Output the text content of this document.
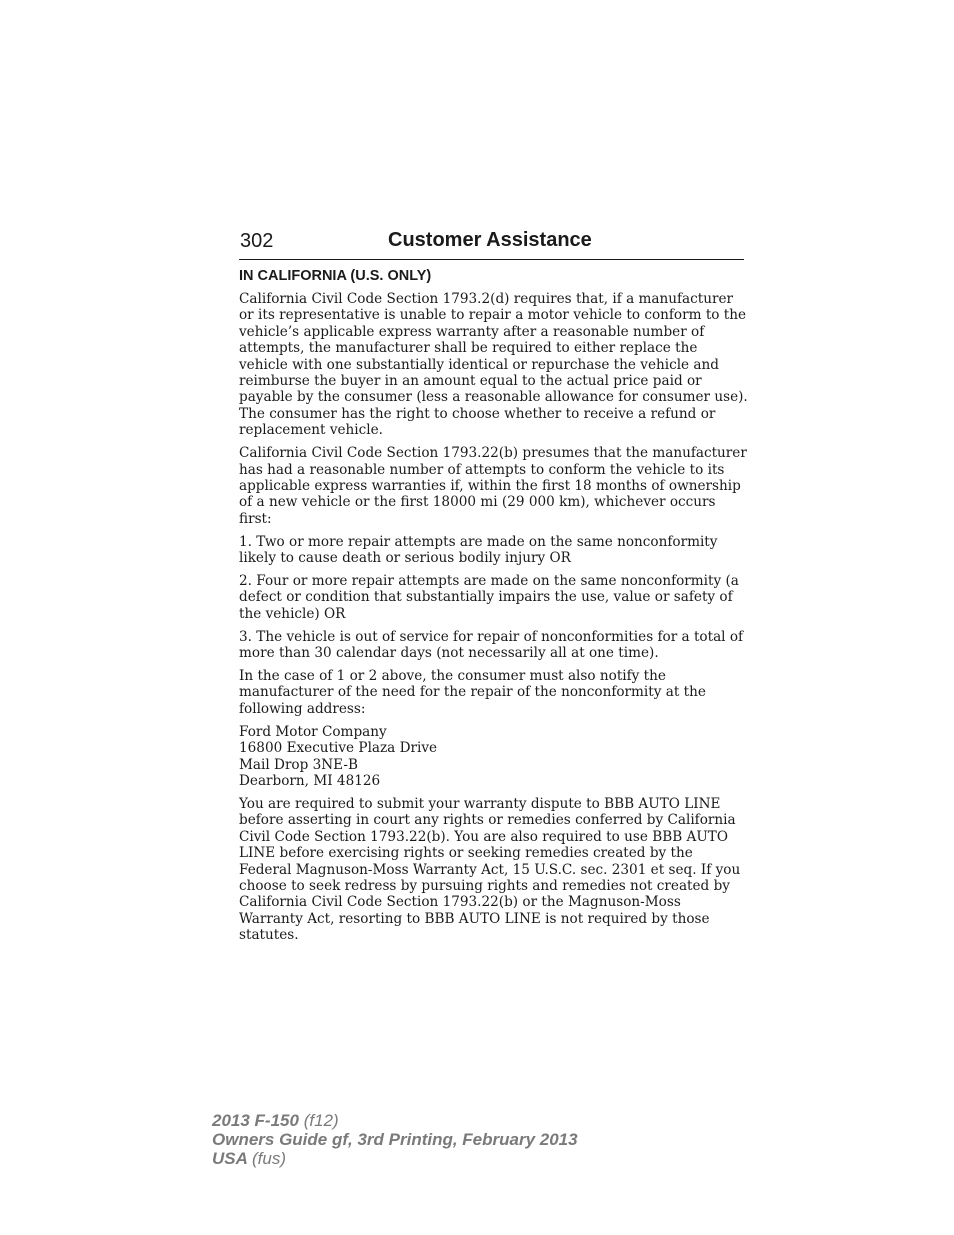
302	Customer Assistance
IN CALIFORNIA (U.S. ONLY)

California Civil Code Section 1793.2(d) requires that, if a manufacturer or its representative is unable to repair a motor vehicle to conform to the vehicle’s applicable express warranty after a reasonable number of attempts, the manufacturer shall be required to either replace the vehicle with one substantially identical or repurchase the vehicle and reimburse the buyer in an amount equal to the actual price paid or payable by the consumer (less a reasonable allowance for consumer use). The consumer has the right to choose whether to receive a refund or replacement vehicle.

California Civil Code Section 1793.22(b) presumes that the manufacturer has had a reasonable number of attempts to conform the vehicle to its applicable express warranties if, within the first 18 months of ownership of a new vehicle or the first 18000 mi (29 000 km), whichever occurs first:

1. Two or more repair attempts are made on the same nonconformity likely to cause death or serious bodily injury OR

2. Four or more repair attempts are made on the same nonconformity (a defect or condition that substantially impairs the use, value or safety of the vehicle) OR

3. The vehicle is out of service for repair of nonconformities for a total of more than 30 calendar days (not necessarily all at one time).

In the case of 1 or 2 above, the consumer must also notify the manufacturer of the need for the repair of the nonconformity at the following address:

Ford Motor Company
16800 Executive Plaza Drive
Mail Drop 3NE-B
Dearborn, MI 48126

You are required to submit your warranty dispute to BBB AUTO LINE before asserting in court any rights or remedies conferred by California Civil Code Section 1793.22(b). You are also required to use BBB AUTO LINE before exercising rights or seeking remedies created by the Federal Magnuson-Moss Warranty Act, 15 U.S.C. sec. 2301 et seq. If you choose to seek redress by pursuing rights and remedies not created by California Civil Code Section 1793.22(b) or the Magnuson-Moss Warranty Act, resorting to BBB AUTO LINE is not required by those statutes.

2013 F-150 (f12)
Owners Guide gf, 3rd Printing, February 2013
USA (fus)
